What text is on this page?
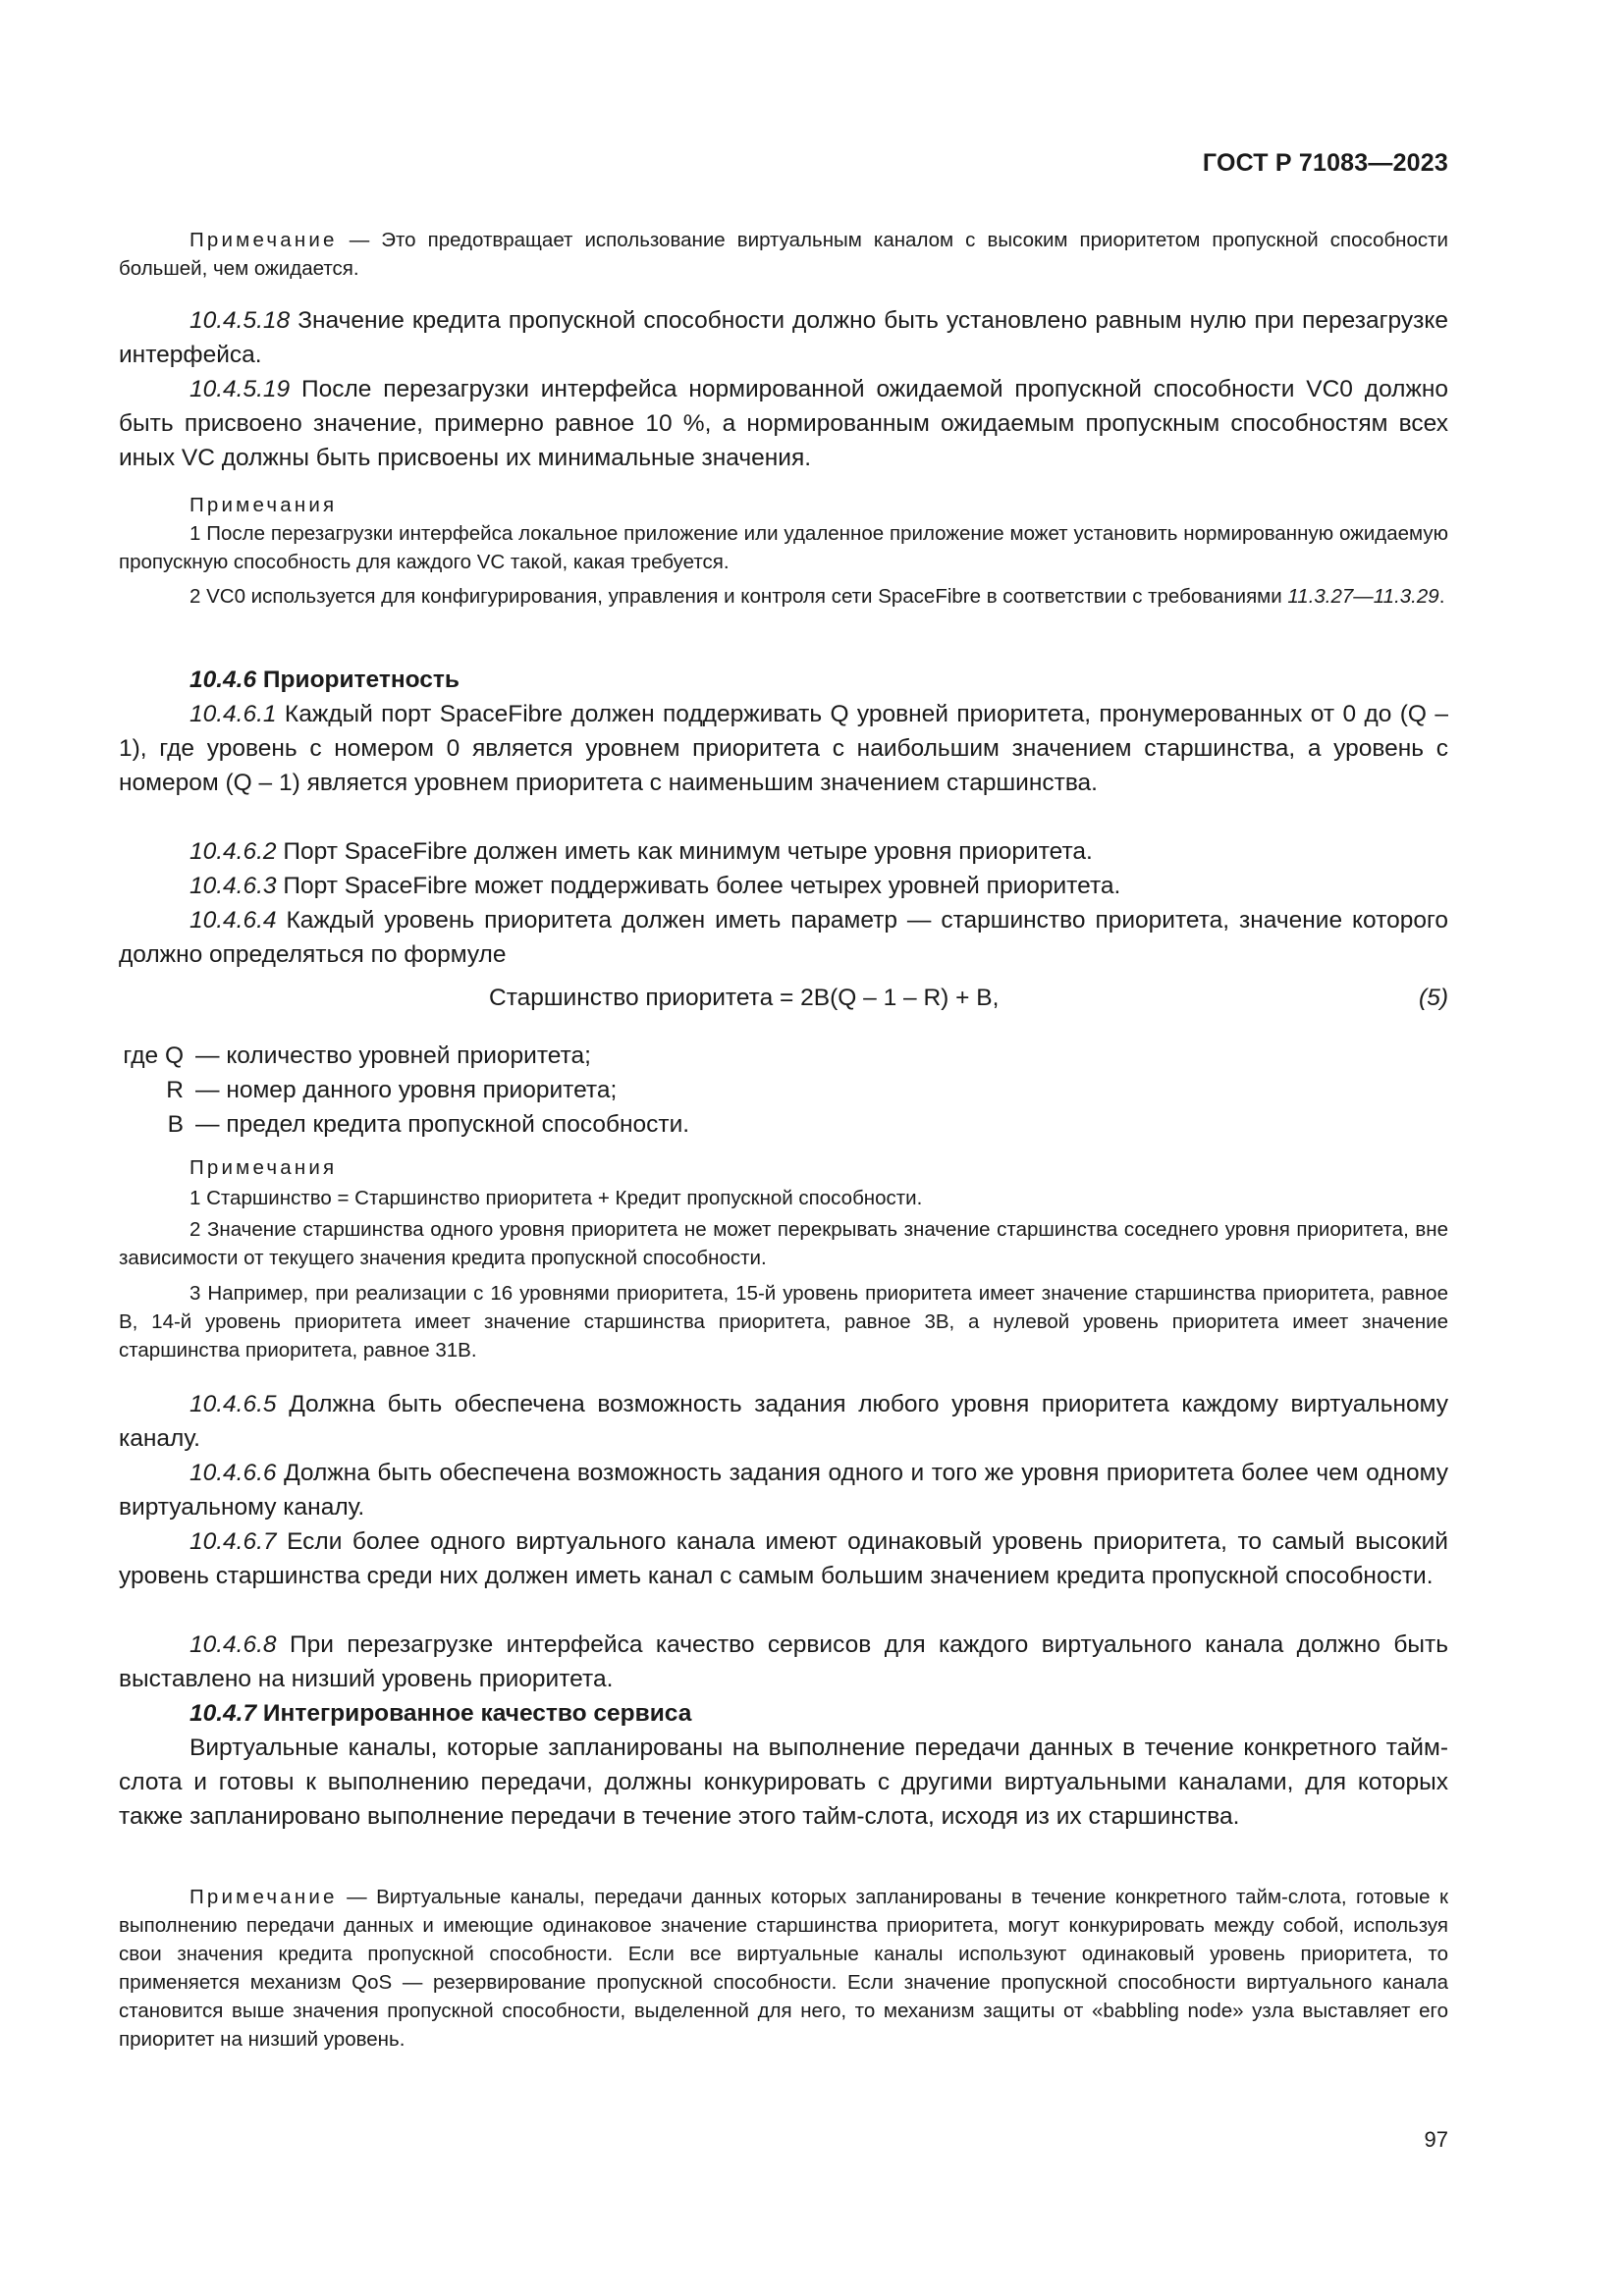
ГОСТ Р 71083—2023

Примечание — Это предотвращает использование виртуальным каналом с высоким приоритетом пропускной способности большей, чем ожидается.

10.4.5.18 Значение кредита пропускной способности должно быть установлено равным нулю при перезагрузке интерфейса.

10.4.5.19 После перезагрузки интерфейса нормированной ожидаемой пропускной способности VC0 должно быть присвоено значение, примерно равное 10 %, а нормированным ожидаемым пропускным способностям всех иных VC должны быть присвоены их минимальные значения.

Примечания

1 После перезагрузки интерфейса локальное приложение или удаленное приложение может установить нормированную ожидаемую пропускную способность для каждого VC такой, какая требуется.

2 VC0 используется для конфигурирования, управления и контроля сети SpaceFibre в соответствии с требованиями 11.3.27—11.3.29.

10.4.6 Приоритетность

10.4.6.1 Каждый порт SpaceFibre должен поддерживать Q уровней приоритета, пронумерованных от 0 до (Q – 1), где уровень с номером 0 является уровнем приоритета с наибольшим значением старшинства, а уровень с номером (Q – 1) является уровнем приоритета с наименьшим значением старшинства.

10.4.6.2 Порт SpaceFibre должен иметь как минимум четыре уровня приоритета.

10.4.6.3 Порт SpaceFibre может поддерживать более четырех уровней приоритета.

10.4.6.4 Каждый уровень приоритета должен иметь параметр — старшинство приоритета, значение которого должно определяться по формуле

Старшинство приоритета = 2B(Q – 1 – R) + B,	(5)
где Q — количество уровней приоритета;
R — номер данного уровня приоритета;
B — предел кредита пропускной способности.

Примечания

1 Старшинство = Старшинство приоритета + Кредит пропускной способности.

2 Значение старшинства одного уровня приоритета не может перекрывать значение старшинства соседнего уровня приоритета, вне зависимости от текущего значения кредита пропускной способности.

3 Например, при реализации с 16 уровнями приоритета, 15-й уровень приоритета имеет значение старшинства приоритета, равное B, 14-й уровень приоритета имеет значение старшинства приоритета, равное 3B, а нулевой уровень приоритета имеет значение старшинства приоритета, равное 31B.

10.4.6.5 Должна быть обеспечена возможность задания любого уровня приоритета каждому виртуальному каналу.

10.4.6.6 Должна быть обеспечена возможность задания одного и того же уровня приоритета более чем одному виртуальному каналу.

10.4.6.7 Если более одного виртуального канала имеют одинаковый уровень приоритета, то самый высокий уровень старшинства среди них должен иметь канал с самым большим значением кредита пропускной способности.

10.4.6.8 При перезагрузке интерфейса качество сервисов для каждого виртуального канала должно быть выставлено на низший уровень приоритета.

10.4.7 Интегрированное качество сервиса

Виртуальные каналы, которые запланированы на выполнение передачи данных в течение конкретного тайм-слота и готовы к выполнению передачи, должны конкурировать с другими виртуальными каналами, для которых также запланировано выполнение передачи в течение этого тайм-слота, исходя из их старшинства.

Примечание — Виртуальные каналы, передачи данных которых запланированы в течение конкретного тайм-слота, готовые к выполнению передачи данных и имеющие одинаковое значение старшинства приоритета, могут конкурировать между собой, используя свои значения кредита пропускной способности. Если все виртуальные каналы используют одинаковый уровень приоритета, то применяется механизм QoS — резервирование пропускной способности. Если значение пропускной способности виртуального канала становится выше значения пропускной способности, выделенной для него, то механизм защиты от «babbling node» узла выставляет его приоритет на низший уровень.

97
